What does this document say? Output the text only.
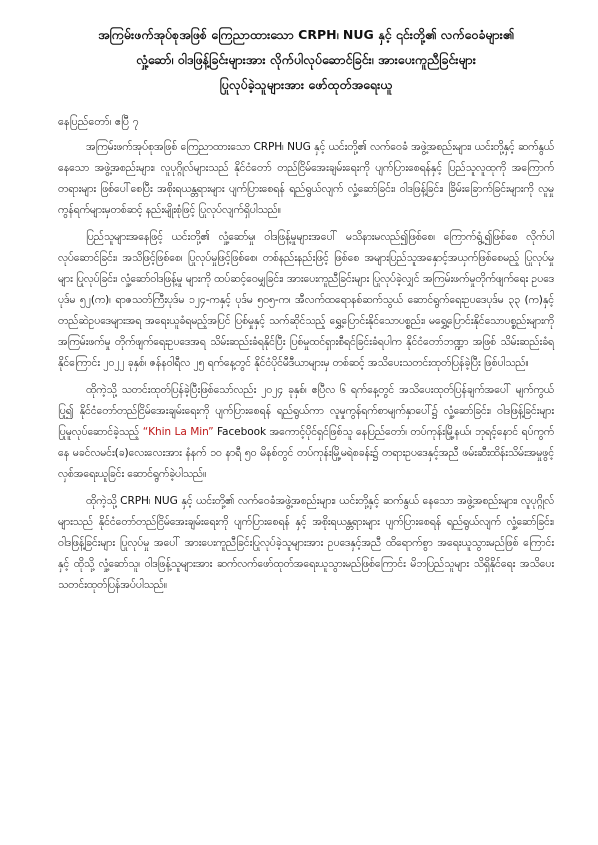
အကြမ်းဖက်အုပ်စုအဖြစ် ကြေညာထားသော CRPH၊ NUG နှင့် ၎င်းတို့၏ လက်ဝေခံများ၏
လှုံ့ဆော်၊ ဝါဒဖြန့်ခြင်းများအား လိုက်ပါလုပ်ဆောင်ခြင်း၊ အားပေးကူညီခြင်းများ
ပြုလုပ်ခဲ့သူများအား ဖော်ထုတ်အရေးယူ
နေပြည်တော်၊ ဧပြီ ၇

အကြမ်းဖက်အုပ်စုအဖြစ် ကြေညာထားသော CRPH၊ NUG နှင့် ယင်းတို့၏ လက်ဝေခံ အဖွဲ့အစည်းများ၊ ယင်းတို့နှင့် ဆက်နွယ်နေသော အဖွဲ့အစည်းများ၊ လူပုဂ္ဂိုလ်များသည် နိုင်ငံတော် တည်ငြိမ်အေးချမ်းရေးကို ပျက်ပြားစေရန်နှင့် ပြည်သူလူထုကို အကြောက်တရားများ ဖြစ်ပေါ်စေပြီး အစိုးရယန္တရားများ ပျက်ပြားစေရန် ရည်ရွယ်လျက် လှုံ့ဆော်ခြင်း၊ ဝါဒဖြန့်ခြင်း၊ ခြိမ်းခြောက်ခြင်းများကို လူမှုကွန်ရက်များမှတစ်ဆင့် နည်းမျိုးစုံဖြင့် ပြုလုပ်လျက်ရှိပါသည်။

ပြည်သူများအနေဖြင့် ယင်းတို့၏ လှုံ့ဆော်မှု၊ ဝါဒဖြန့်မှုများအပေါ် မသိနားမလည်၍ဖြစ်စေ၊ ကြောက်ရွံ့၍ဖြစ်စေ လိုက်ပါလုပ်ဆောင်ခြင်း၊ အသိဖြင့်ဖြစ်စေ၊ ပြုလုပ်မှုဖြင့်ဖြစ်စေ၊ တစ်နည်းနည်းဖြင့် ဖြစ်စေ အများပြည်သူအနှောင့်အယှက်ဖြစ်စေမည့် ပြုလုပ်မှုများ ပြုလုပ်ခြင်း၊ လှုံ့ဆော်ဝါဒဖြန့်မှု များကို ထပ်ဆင့်ဝေမျှခြင်း၊ အားပေးကူညီခြင်းများ ပြုလုပ်ခဲ့လျှင် အကြမ်းဖက်မှုတိုက်ဖျက်ရေး ဥပဒေပုဒ်မ ၅၂(က)၊ ရာဇသတ်ကြီးပုဒ်မ ၁၂၄-ကနှင့် ပုဒ်မ ၅၀၅-က၊ အီလက်ထရောနစ်ဆက်သွယ် ဆောင်ရွက်ရေးဥပဒေပုဒ်မ ၃၃ (က)နှင့် တည်ဆဲဥပဒေများအရ အရေးယူခံရမည့်အပြင် ပြစ်မှုနှင့် သက်ဆိုင်သည့် ရွှေ့ပြောင်းနိုင်သောပစ္စည်း၊ မရွှေ့ပြောင်းနိုင်သောပစ္စည်းများကို အကြမ်းဖက်မှု တိုက်ဖျက်ရေးဥပဒေအရ သိမ်းဆည်းခံရနိုင်ပြီး ပြစ်မှုထင်ရှားစီရင်ခြင်းခံရပါက နိုင်ငံတော်ဘဏ္ဍာ အဖြစ် သိမ်းဆည်းခံရနိုင်ကြောင်း ၂၀၂၂ ခုနှစ်၊ ဇန်နဝါရီလ ၂၅ ရက်နေ့တွင် နိုင်ငံပိုင်မီဒီယာများမှ တစ်ဆင့် အသိပေးသတင်းထုတ်ပြန်ခဲ့ပြီး ဖြစ်ပါသည်။

ထိုကဲ့သို့ သတင်းထုတ်ပြန်ခဲ့ပြီးဖြစ်သော်လည်း ၂၀၂၄ ခုနှစ်၊ ဧပြီလ ၆ ရက်နေ့တွင် အသိပေးထုတ်ပြန်ချက်အပေါ် မျက်ကွယ်ပြု၍ နိုင်ငံတော်တည်ငြိမ်အေးချမ်းရေးကို ပျက်ပြားစေရန် ရည်ရွယ်ကာ လူမှုကွန်ရက်စာမျက်နှာပေါ်၌ လှုံ့ဆော်ခြင်း၊ ဝါဒဖြန့်ခြင်းများ ပြုမူလုပ်ဆောင်ခဲ့သည့် “Khin La Min” Facebook အကောင့်ပိုင်ရှင်ဖြစ်သူ နေပြည်တော်၊ တပ်ကုန်းမြို့နယ်၊ ဘုရင့်နောင် ရပ်ကွက်နေ မခင်လမင်း(ခ)လေးလေးအား နံနက် ၁၀ နာရီ ၅၀ မိနစ်တွင် တပ်ကုန်းမြို့မရဲစခန်း၌ တရားဥပဒေနှင့်အညီ ဖမ်းဆီးထိန်းသိမ်းအမှုဖွင့်လှစ်အရေးယူခြင်း ဆောင်ရွက်ခဲ့ပါသည်။

ထိုကဲ့သို့ CRPH၊ NUG နှင့် ယင်းတို့၏ လက်ဝေခံအဖွဲ့အစည်းများ၊ ယင်းတို့နှင့် ဆက်နွယ် နေသော အဖွဲ့အစည်းများ၊ လူပုဂ္ဂိုလ်များသည် နိုင်ငံတော်တည်ငြိမ်အေးချမ်းရေးကို ပျက်ပြားစေရန် နှင့် အစိုးရယန္တရားများ ပျက်ပြားစေရန် ရည်ရွယ်လျက် လှုံ့ဆော်ခြင်း၊ ဝါဒဖြန့်ခြင်းများ ပြုလုပ်မှု အပေါ် အားပေးကူညီခြင်းပြုလုပ်ခဲ့သူများအား ဥပဒေနှင့်အညီ ထိရောက်စွာ အရေးယူသွားမည်ဖြစ် ကြောင်းနှင့် ထိုသို့ လှုံ့ဆော်သူ၊ ဝါဒဖြန့်သူများအား ဆက်လက်ဖော်ထုတ်အရေးယူသွားမည်ဖြစ်ကြောင်း မိဘပြည်သူများ သိရှိနိုင်ရေး အသိပေးသတင်းထုတ်ပြန်အပ်ပါသည်။
